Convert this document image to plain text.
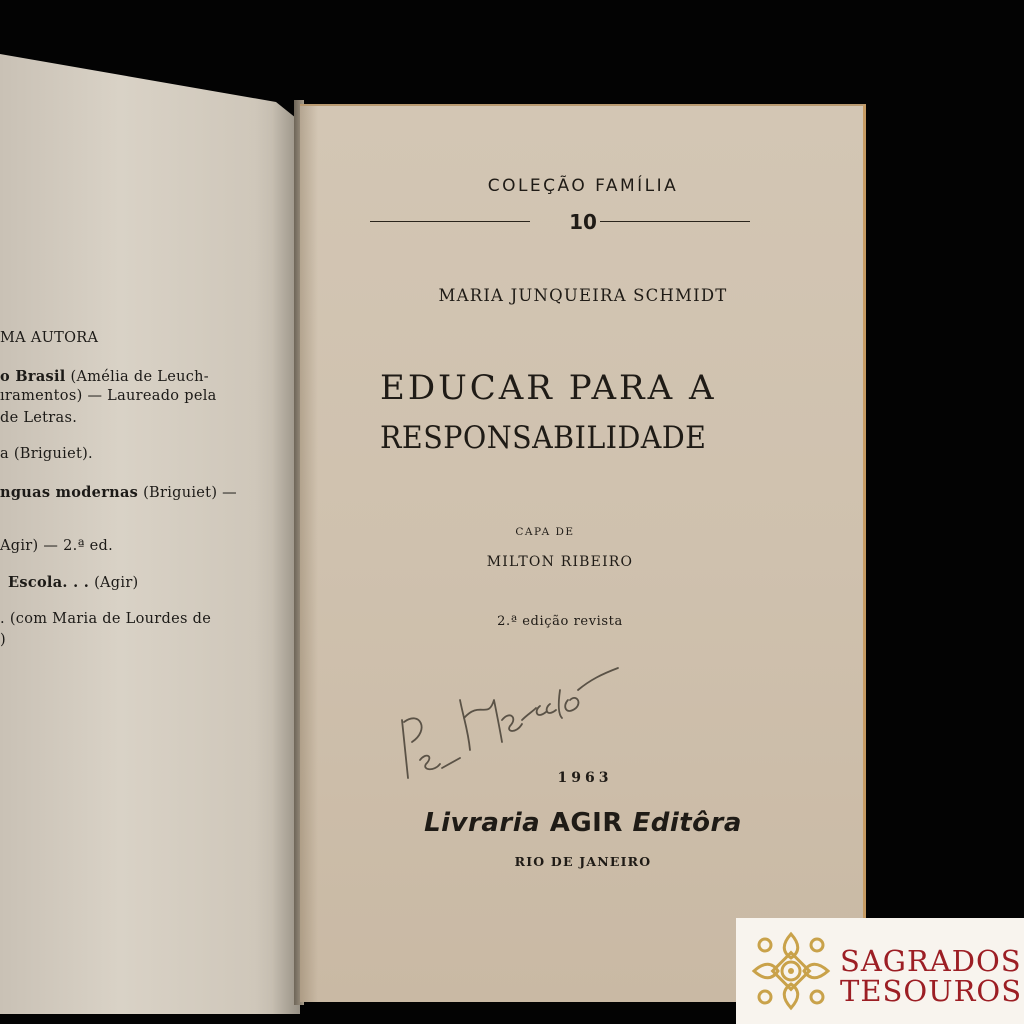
MA AUTORA
o Brasil (Amélia de Leuch-
ıramentos) — Laureado pela
de Letras.
a (Briguiet).
nguas modernas (Briguiet) —
Agir) — 2.ª ed.
Escola. . . (Agir)
. (com Maria de Lourdes de
)
COLEÇÃO FAMÍLIA
10
MARIA JUNQUEIRA SCHMIDT
EDUCAR PARA A
RESPONSABILIDADE
CAPA DE
MILTON RIBEIRO
2.ª edição revista
1963
Livraria AGIR Editôra
RIO DE JANEIRO
SAGRADOS
TESOUROS
